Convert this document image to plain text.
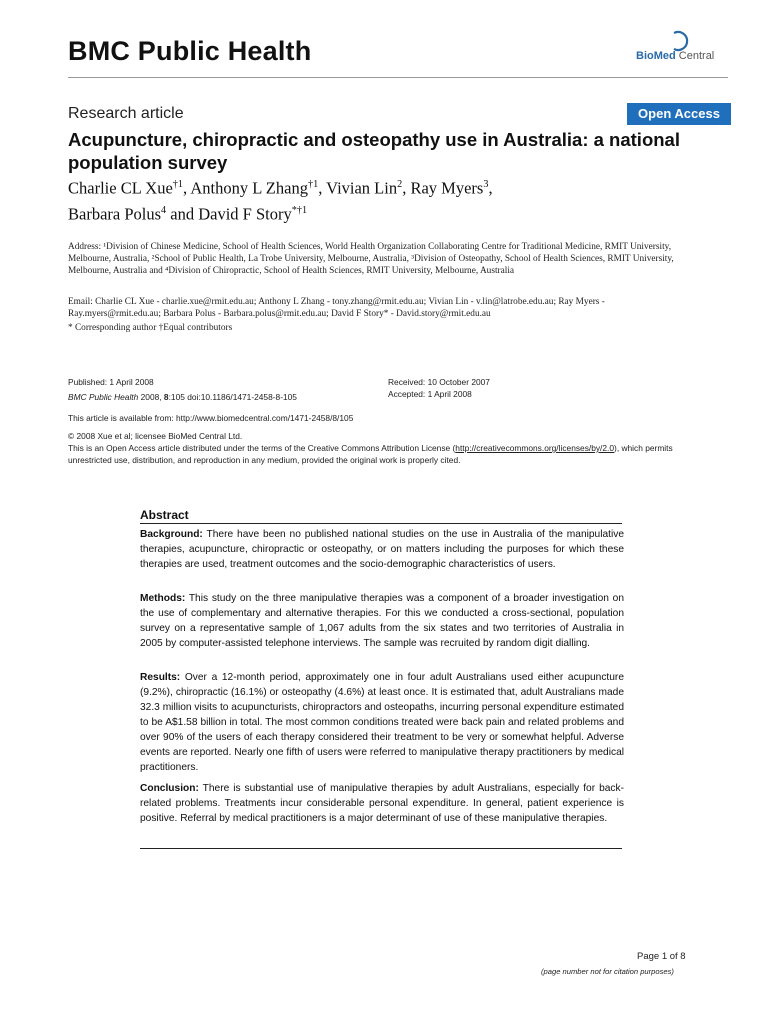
BMC Public Health	BioMed Central
Research article	Open Access
Acupuncture, chiropractic and osteopathy use in Australia: a national population survey
Charlie CL Xue$^{\dagger 1}$, Anthony L Zhang$^{\dagger 1}$, Vivian Lin$^2$, Ray Myers$^3$,
Barbara Polus$^4$ and David F Story$^{*\dagger 1}$
Address: ¹Division of Chinese Medicine, School of Health Sciences, World Health Organization Collaborating Centre for Traditional Medicine, RMIT University, Melbourne, Australia, ²School of Public Health, La Trobe University, Melbourne, Australia, ³Division of Osteopathy, School of Health Sciences, RMIT University, Melbourne, Australia and ⁴Division of Chiropractic, School of Health Sciences, RMIT University, Melbourne, Australia
Email: Charlie CL Xue - charlie.xue@rmit.edu.au; Anthony L Zhang - tony.zhang@rmit.edu.au; Vivian Lin - v.lin@latrobe.edu.au; Ray Myers - Ray.myers@rmit.edu.au; Barbara Polus - Barbara.polus@rmit.edu.au; David F Story* - David.story@rmit.edu.au
* Corresponding author †Equal contributors
Published: 1 April 2008
BMC Public Health 2008, 8:105 doi:10.1186/1471-2458-8-105
Received: 10 October 2007
Accepted: 1 April 2008
This article is available from: http://www.biomedcentral.com/1471-2458/8/105
© 2008 Xue et al; licensee BioMed Central Ltd.
This is an Open Access article distributed under the terms of the Creative Commons Attribution License (http://creativecommons.org/licenses/by/2.0), which permits unrestricted use, distribution, and reproduction in any medium, provided the original work is properly cited.
Abstract
Background: There have been no published national studies on the use in Australia of the manipulative therapies, acupuncture, chiropractic or osteopathy, or on matters including the purposes for which these therapies are used, treatment outcomes and the socio-demographic characteristics of users.
Methods: This study on the three manipulative therapies was a component of a broader investigation on the use of complementary and alternative therapies. For this we conducted a cross-sectional, population survey on a representative sample of 1,067 adults from the six states and two territories of Australia in 2005 by computer-assisted telephone interviews. The sample was recruited by random digit dialling.
Results: Over a 12-month period, approximately one in four adult Australians used either acupuncture (9.2%), chiropractic (16.1%) or osteopathy (4.6%) at least once. It is estimated that, adult Australians made 32.3 million visits to acupuncturists, chiropractors and osteopaths, incurring personal expenditure estimated to be A$1.58 billion in total. The most common conditions treated were back pain and related problems and over 90% of the users of each therapy considered their treatment to be very or somewhat helpful. Adverse events are reported. Nearly one fifth of users were referred to manipulative therapy practitioners by medical practitioners.
Conclusion: There is substantial use of manipulative therapies by adult Australians, especially for back-related problems. Treatments incur considerable personal expenditure. In general, patient experience is positive. Referral by medical practitioners is a major determinant of use of these manipulative therapies.
Page 1 of 8
(page number not for citation purposes)
